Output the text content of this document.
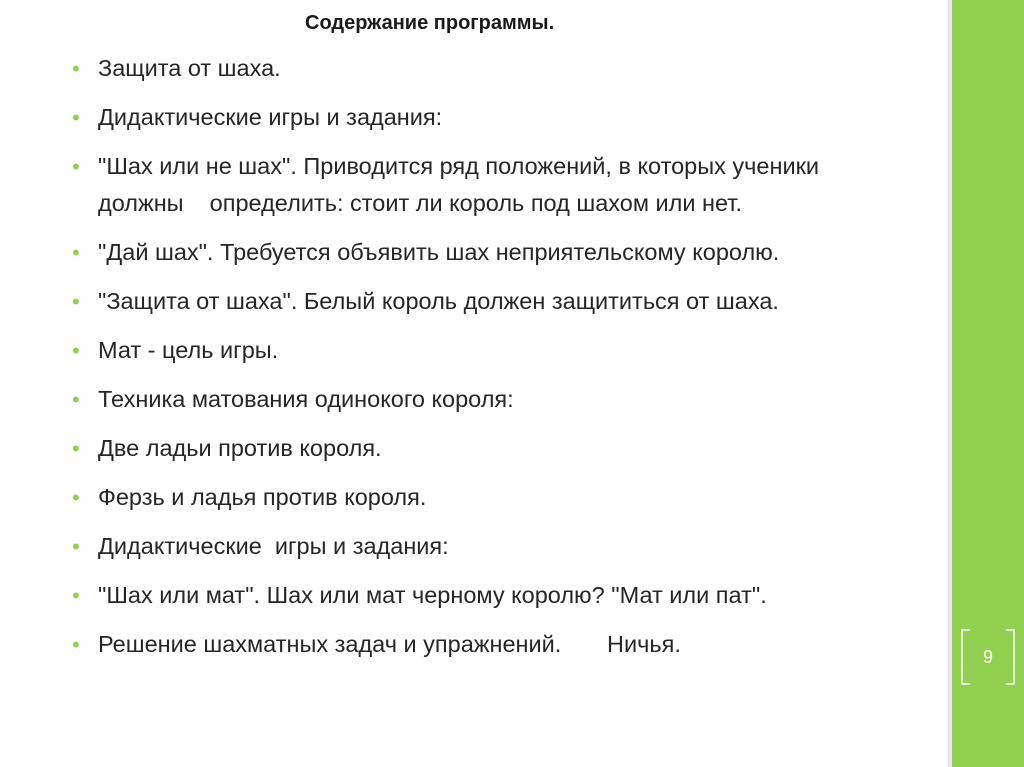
9
Содержание программы.
• Защита от шаха.
• Дидактические игры и задания:
• "Шах или не шах". Приводится ряд положений, в которых ученики должны    определить: стоит ли король под шахом или нет.
• "Дай шах". Требуется объявить шах неприятельскому королю.
• "Защита от шаха". Белый король должен защититься от шаха.
• Мат - цель игры.
• Техника матования одинокого короля:
• Две ладьи против короля.
• Ферзь и ладья против короля.
• Дидактические  игры и задания:
• "Шах или мат". Шах или мат черному королю? "Мат или пат".
• Решение шахматных задач и упражнений.       Ничья.
